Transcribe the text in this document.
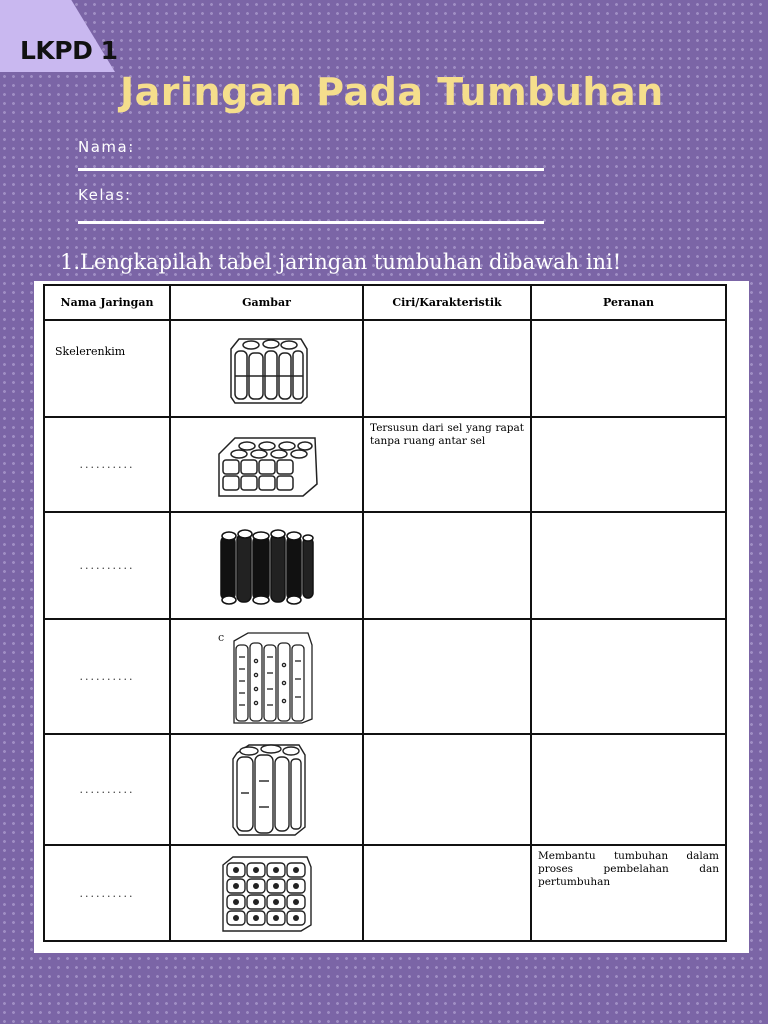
LKPD 1
Jaringan Pada Tumbuhan
Nama:
Kelas:
1.Lengkapilah tabel jaringan tumbuhan dibawah ini!
Nama Jaringan	Gambar	Ciri/Karakteristik	Peranan
Skelerenkim	

..........		Tersusun dari sel yang rapat tanpa ruang antar sel	
..........	

..........	c		

..........	

..........			Membantu tumbuhan dalam proses pembelahan dan pertumbuhan
